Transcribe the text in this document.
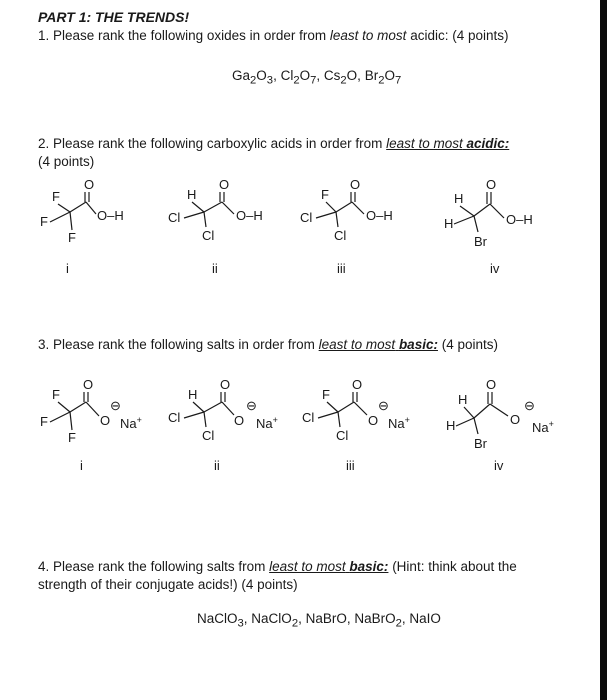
PART 1: THE TRENDS!
1. Please rank the following oxides in order from least to most acidic: (4 points)
$Ga_2O_3$, $Cl_2O_7$, $Cs_2O$, $Br_2O_7$
2. Please rank the following carboxylic acids in order from least to most acidic:
(4 points)
F
F
F
O
O–H
H
Cl
Cl
O
O–H
F
Cl
Cl
O
O–H
H
H
Br
O
O–H
i	ii	iii	iv
3. Please rank the following salts in order from least to most basic: (4 points)
F
F
F
O
O
⊖
Na+
H
Cl
Cl
O
O
⊖
Na+
F
Cl
Cl
O
O
⊖
Na+
H
H
Br
O
O
⊖
Na+
i	ii	iii	iv
4. Please rank the following salts from least to most basic: (Hint: think about the
strength of their conjugate acids!) (4 points)
NaClO$_3$, NaClO$_2$, NaBrO, NaBrO$_2$, NaIO
